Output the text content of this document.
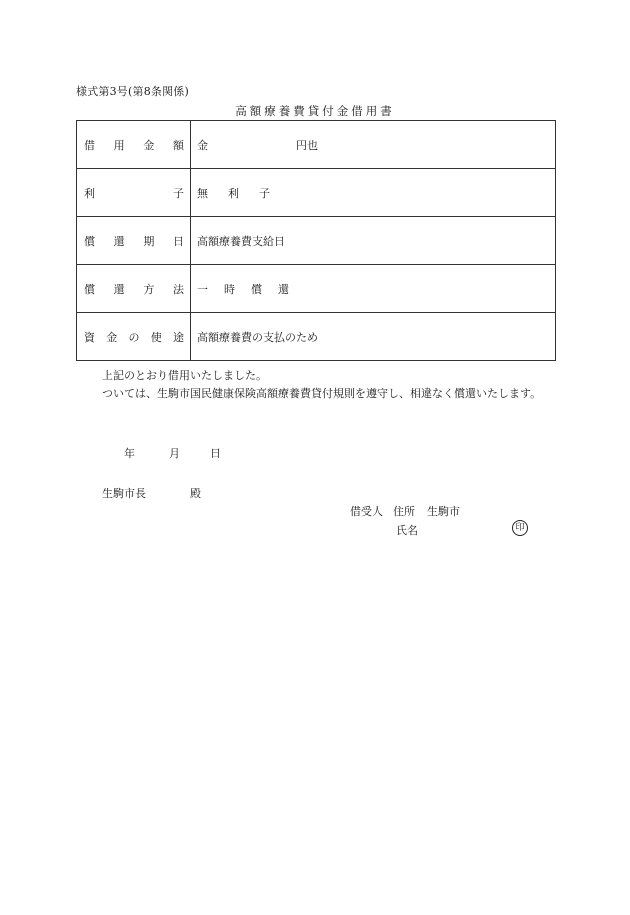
様式第3号(第8条関係)
高額療養費貸付金借用書
借 用 金 額	金 円也

利 子	無 利 子

償 還 期 日	高額療養費支給日

償 還 方 法	一 時 償 還

資 金 の 使 途	高額療養費の支払のため
上記のとおり借用いたしました。
ついては、生駒市国民健康保険高額療養費貸付規則を遵守し、相違なく償還いたします。
年	月	日
生駒市長	殿
借受人 住所 生駒市
氏名	印
